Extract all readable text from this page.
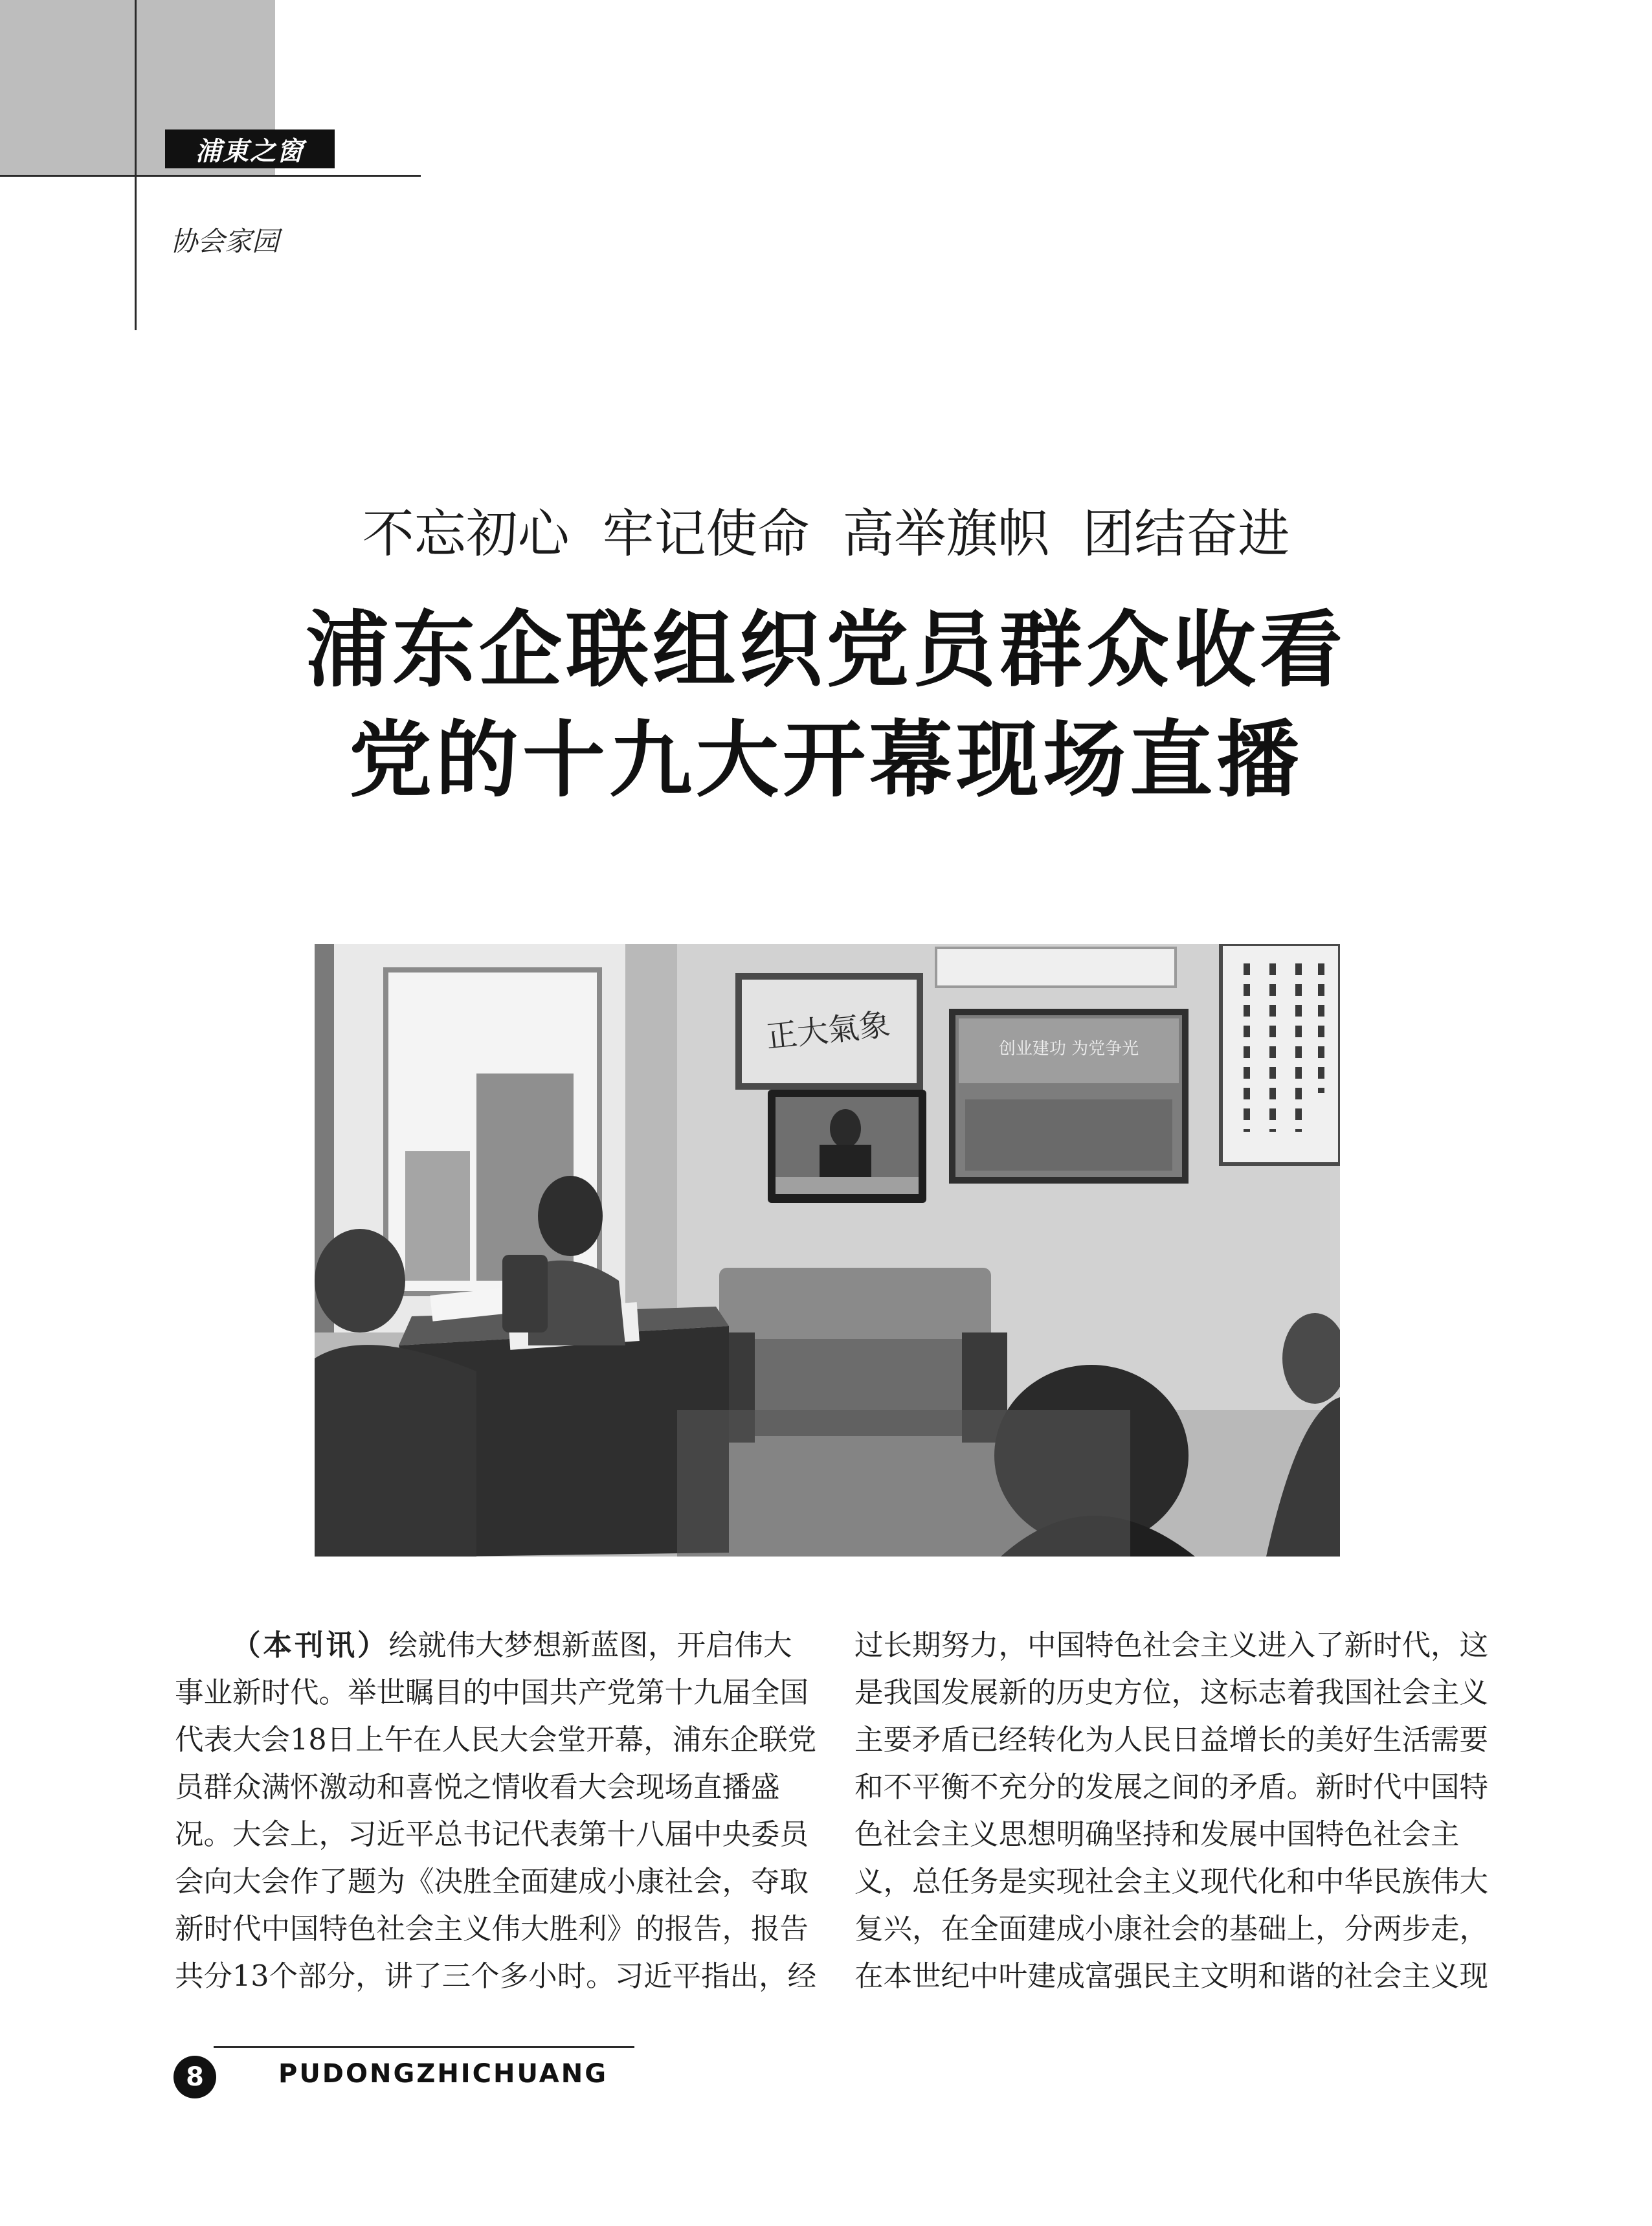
浦東之窗
协会家园
不忘初心  牢记使命  高举旗帜  团结奋进
浦东企联组织党员群众收看
党的十九大开幕现场直播
正大氣象	创业建功 为党争光
（本刊讯）绘就伟大梦想新蓝图，开启伟大
事业新时代。举世瞩目的中国共产党第十九届全国
代表大会18日上午在人民大会堂开幕，浦东企联党
员群众满怀激动和喜悦之情收看大会现场直播盛
况。大会上，习近平总书记代表第十八届中央委员
会向大会作了题为《决胜全面建成小康社会，夺取
新时代中国特色社会主义伟大胜利》的报告，报告
共分13个部分，讲了三个多小时。习近平指出，经
过长期努力，中国特色社会主义进入了新时代，这
是我国发展新的历史方位，这标志着我国社会主义
主要矛盾已经转化为人民日益增长的美好生活需要
和不平衡不充分的发展之间的矛盾。新时代中国特
色社会主义思想明确坚持和发展中国特色社会主
义，总任务是实现社会主义现代化和中华民族伟大
复兴，在全面建成小康社会的基础上，分两步走，
在本世纪中叶建成富强民主文明和谐的社会主义现
8	PUDONGZHICHUANG
